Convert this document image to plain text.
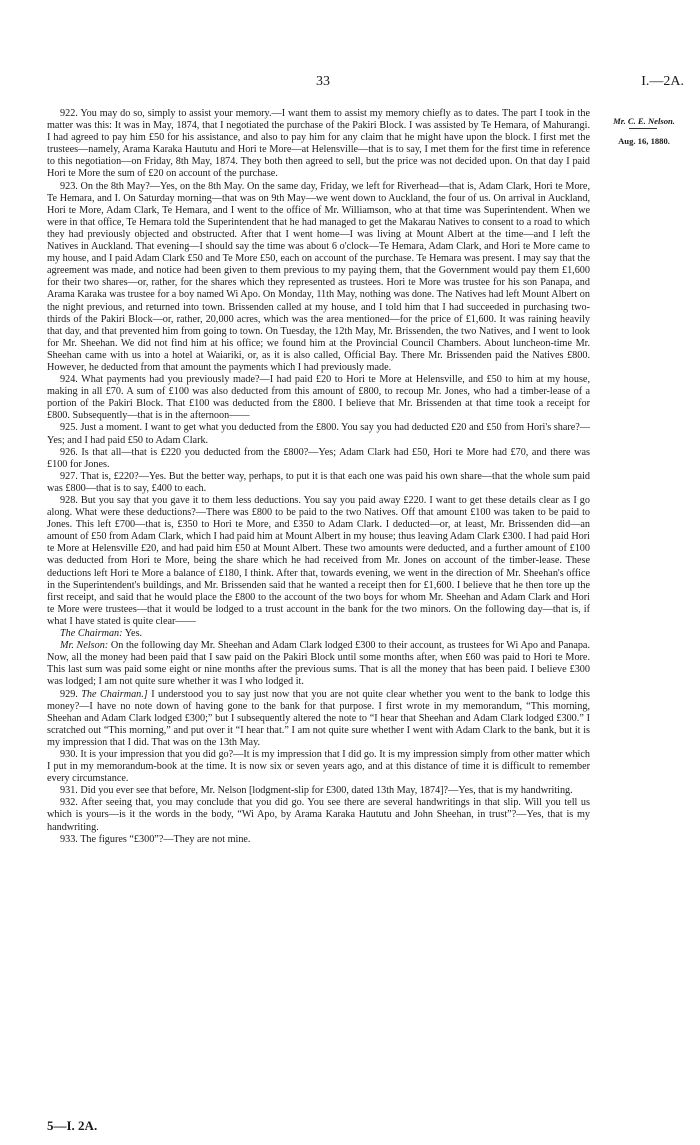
33	I.—2A.
Mr. C. E. Nelson.
Aug. 16, 1880.

922. You may do so, simply to assist your memory.—I want them to assist my memory chiefly as to dates. The part I took in the matter was this: It was in May, 1874, that I negotiated the purchase of the Pakiri Block. I was assisted by Te Hemara, of Mahurangi. I had agreed to pay him £50 for his assistance, and also to pay him for any claim that he might have upon the block. I first met the trustees—namely, Arama Karaka Haututu and Hori te More—at Helensville—that is to say, I met them for the first time in reference to this negotiation—on Friday, 8th May, 1874. They both then agreed to sell, but the price was not decided upon. On that day I paid Hori te More the sum of £20 on account of the purchase.

923. On the 8th May?—Yes, on the 8th May. On the same day, Friday, we left for Riverhead—that is, Adam Clark, Hori te More, Te Hemara, and I. On Saturday morning—that was on 9th May—we went down to Auckland, the four of us. On arrival in Auckland, Hori te More, Adam Clark, Te Hemara, and I went to the office of Mr. Williamson, who at that time was Superintendent. When we were in that office, Te Hemara told the Superintendent that he had managed to get the Makarau Natives to consent to a road to which they had previously objected and obstructed. After that I went home—I was living at Mount Albert at the time—and I left the Natives in Auckland. That evening—I should say the time was about 6 o'clock—Te Hemara, Adam Clark, and Hori te More came to my house, and I paid Adam Clark £50 and Te More £50, each on account of the purchase. Te Hemara was present. I may say that the agreement was made, and notice had been given to them previous to my paying them, that the Government would pay them £1,600 for their two shares—or, rather, for the shares which they represented as trustees. Hori te More was trustee for his son Panapa, and Arama Karaka was trustee for a boy named Wi Apo. On Monday, 11th May, nothing was done. The Natives had left Mount Albert on the night previous, and returned into town. Brissenden called at my house, and I told him that I had succeeded in purchasing two-thirds of the Pakiri Block—or, rather, 20,000 acres, which was the area mentioned—for the price of £1,600. It was raining heavily that day, and that prevented him from going to town. On Tuesday, the 12th May, Mr. Brissenden, the two Natives, and I went to look for Mr. Sheehan. We did not find him at his office; we found him at the Provincial Council Chambers. About luncheon-time Mr. Sheehan came with us into a hotel at Waiariki, or, as it is also called, Official Bay. There Mr. Brissenden paid the Natives £800. However, he deducted from that amount the payments which I had previously made.

924. What payments had you previously made?—I had paid £20 to Hori te More at Helensville, and £50 to him at my house, making in all £70. A sum of £100 was also deducted from this amount of £800, to recoup Mr. Jones, who had a timber-lease of a portion of the Pakiri Block. That £100 was deducted from the £800. I believe that Mr. Brissenden at that time took a receipt for £800. Subsequently—that is in the afternoon——

925. Just a moment. I want to get what you deducted from the £800. You say you had deducted £20 and £50 from Hori's share?—Yes; and I had paid £50 to Adam Clark.

926. Is that all—that is £220 you deducted from the £800?—Yes; Adam Clark had £50, Hori te More had £70, and there was £100 for Jones.

927. That is, £220?—Yes. But the better way, perhaps, to put it is that each one was paid his own share—that the whole sum paid was £800—that is to say, £400 to each.

928. But you say that you gave it to them less deductions. You say you paid away £220. I want to get these details clear as I go along. What were these deductions?—There was £800 to be paid to the two Natives. Off that amount £100 was taken to be paid to Jones. This left £700—that is, £350 to Hori te More, and £350 to Adam Clark. I deducted—or, at least, Mr. Brissenden did—an amount of £50 from Adam Clark, which I had paid him at Mount Albert in my house; thus leaving Adam Clark £300. I had paid Hori te More at Helensville £20, and had paid him £50 at Mount Albert. These two amounts were deducted, and a further amount of £100 was deducted from Hori te More, being the share which he had received from Mr. Jones on account of the timber-lease. These deductions left Hori te More a balance of £180, I think. After that, towards evening, we went in the direction of Mr. Sheehan's office in the Superintendent's buildings, and Mr. Brissenden said that he wanted a receipt then for £1,600. I believe that he then tore up the first receipt, and said that he would place the £800 to the account of the two boys for whom Mr. Sheehan and Adam Clark and Hori te More were trustees—that it would be lodged to a trust account in the bank for the two minors. On the following day—that is, if what I have stated is quite clear——

The Chairman: Yes.

Mr. Nelson: On the following day Mr. Sheehan and Adam Clark lodged £300 to their account, as trustees for Wi Apo and Panapa. Now, all the money had been paid that I saw paid on the Pakiri Block until some months after, when £60 was paid to Hori te More. This last sum was paid some eight or nine months after the previous sums. That is all the money that has been paid. I believe £300 was lodged; I am not quite sure whether it was I who lodged it.

929. The Chairman.] I understood you to say just now that you are not quite clear whether you went to the bank to lodge this money?—I have no note down of having gone to the bank for that purpose. I first wrote in my memorandum, “This morning, Sheehan and Adam Clark lodged £300;” but I subsequently altered the note to “I hear that Sheehan and Adam Clark lodged £300.” I scratched out “This morning,” and put over it “I hear that.” I am not quite sure whether I went with Adam Clark to the bank, but it is my impression that I did. That was on the 13th May.

930. It is your impression that you did go?—It is my impression that I did go. It is my impression simply from other matter which I put in my memorandum-book at the time. It is now six or seven years ago, and at this distance of time it is difficult to remember every circumstance.

931. Did you ever see that before, Mr. Nelson [lodgment-slip for £300, dated 13th May, 1874]?—Yes, that is my handwriting.

932. After seeing that, you may conclude that you did go. You see there are several handwritings in that slip. Will you tell us which is yours—is it the words in the body, “Wi Apo, by Arama Karaka Haututu and John Sheehan, in trust”?—Yes, that is my handwriting.

933. The figures “£300”?—They are not mine.

5—I. 2A.
